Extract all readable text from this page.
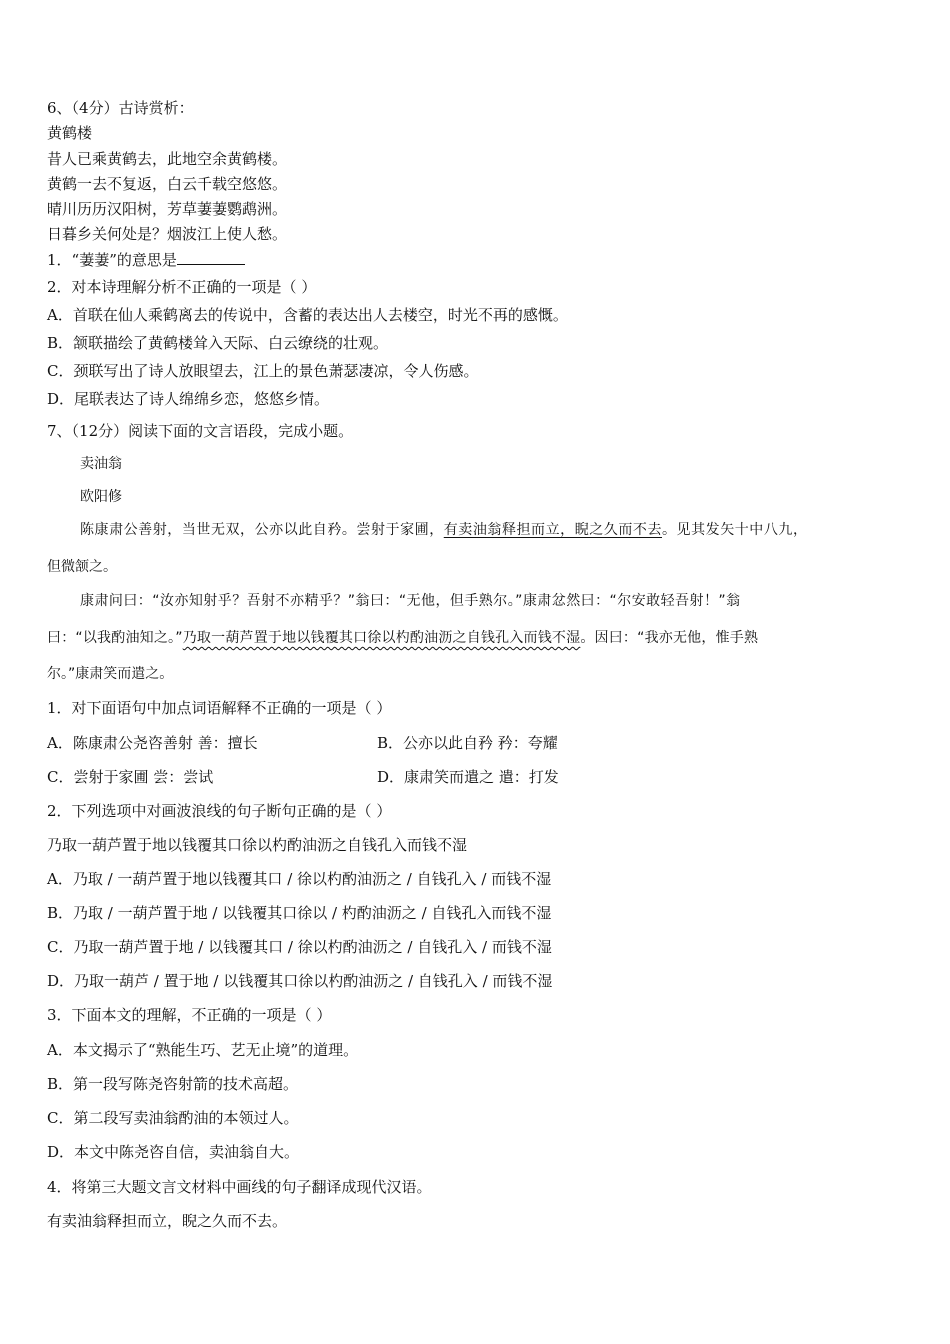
6、（4分）古诗赏析：
黄鹤楼
昔人已乘黄鹤去，此地空余黄鹤楼。
黄鹤一去不复返，白云千载空悠悠。
晴川历历汉阳树，芳草萋萋鹦鹉洲。
日暮乡关何处是？烟波江上使人愁。
1．“萋萋”的意思是
2．对本诗理解分析不正确的一项是（ ）
A．首联在仙人乘鹤离去的传说中，含蓄的表达出人去楼空，时光不再的感慨。
B．颔联描绘了黄鹤楼耸入天际、白云缭绕的壮观。
C．颈联写出了诗人放眼望去，江上的景色萧瑟凄凉，令人伤感。
D．尾联表达了诗人绵绵乡恋，悠悠乡情。
7、（12分）阅读下面的文言语段，完成小题。
卖油翁
欧阳修
陈康肃公善射，当世无双，公亦以此自矜。尝射于家圃，有卖油翁释担而立，睨之久而不去。见其发矢十中八九，
但微颔之。
康肃问曰：“汝亦知射乎？吾射不亦精乎？”翁曰：“无他，但手熟尔。”康肃忿然曰：“尔安敢轻吾射！”翁
曰：“以我酌油知之。”乃取一葫芦置于地以钱覆其口徐以杓酌油沥之自钱孔入而钱不湿。因曰：“我亦无他，惟手熟
尔。”康肃笑而遣之。
1．对下面语句中加点词语解释不正确的一项是（ ）
A．陈康肃公尧咨善射 善：擅长	B．公亦以此自矜 矜：夸耀
C．尝射于家圃 尝：尝试	D．康肃笑而遣之 遣：打发
2．下列选项中对画波浪线的句子断句正确的是（ ）
乃取一葫芦置于地以钱覆其口徐以杓酌油沥之自钱孔入而钱不湿
A．乃取 / 一葫芦置于地以钱覆其口 / 徐以杓酌油沥之 / 自钱孔入 / 而钱不湿
B．乃取 / 一葫芦置于地 / 以钱覆其口徐以 / 杓酌油沥之 / 自钱孔入而钱不湿
C．乃取一葫芦置于地 / 以钱覆其口 / 徐以杓酌油沥之 / 自钱孔入 / 而钱不湿
D．乃取一葫芦 / 置于地 / 以钱覆其口徐以杓酌油沥之 / 自钱孔入 / 而钱不湿
3．下面本文的理解，不正确的一项是（ ）
A．本文揭示了“熟能生巧、艺无止境”的道理。
B．第一段写陈尧咨射箭的技术高超。
C．第二段写卖油翁酌油的本领过人。
D．本文中陈尧咨自信，卖油翁自大。
4．将第三大题文言文材料中画线的句子翻译成现代汉语。
有卖油翁释担而立，睨之久而不去。
